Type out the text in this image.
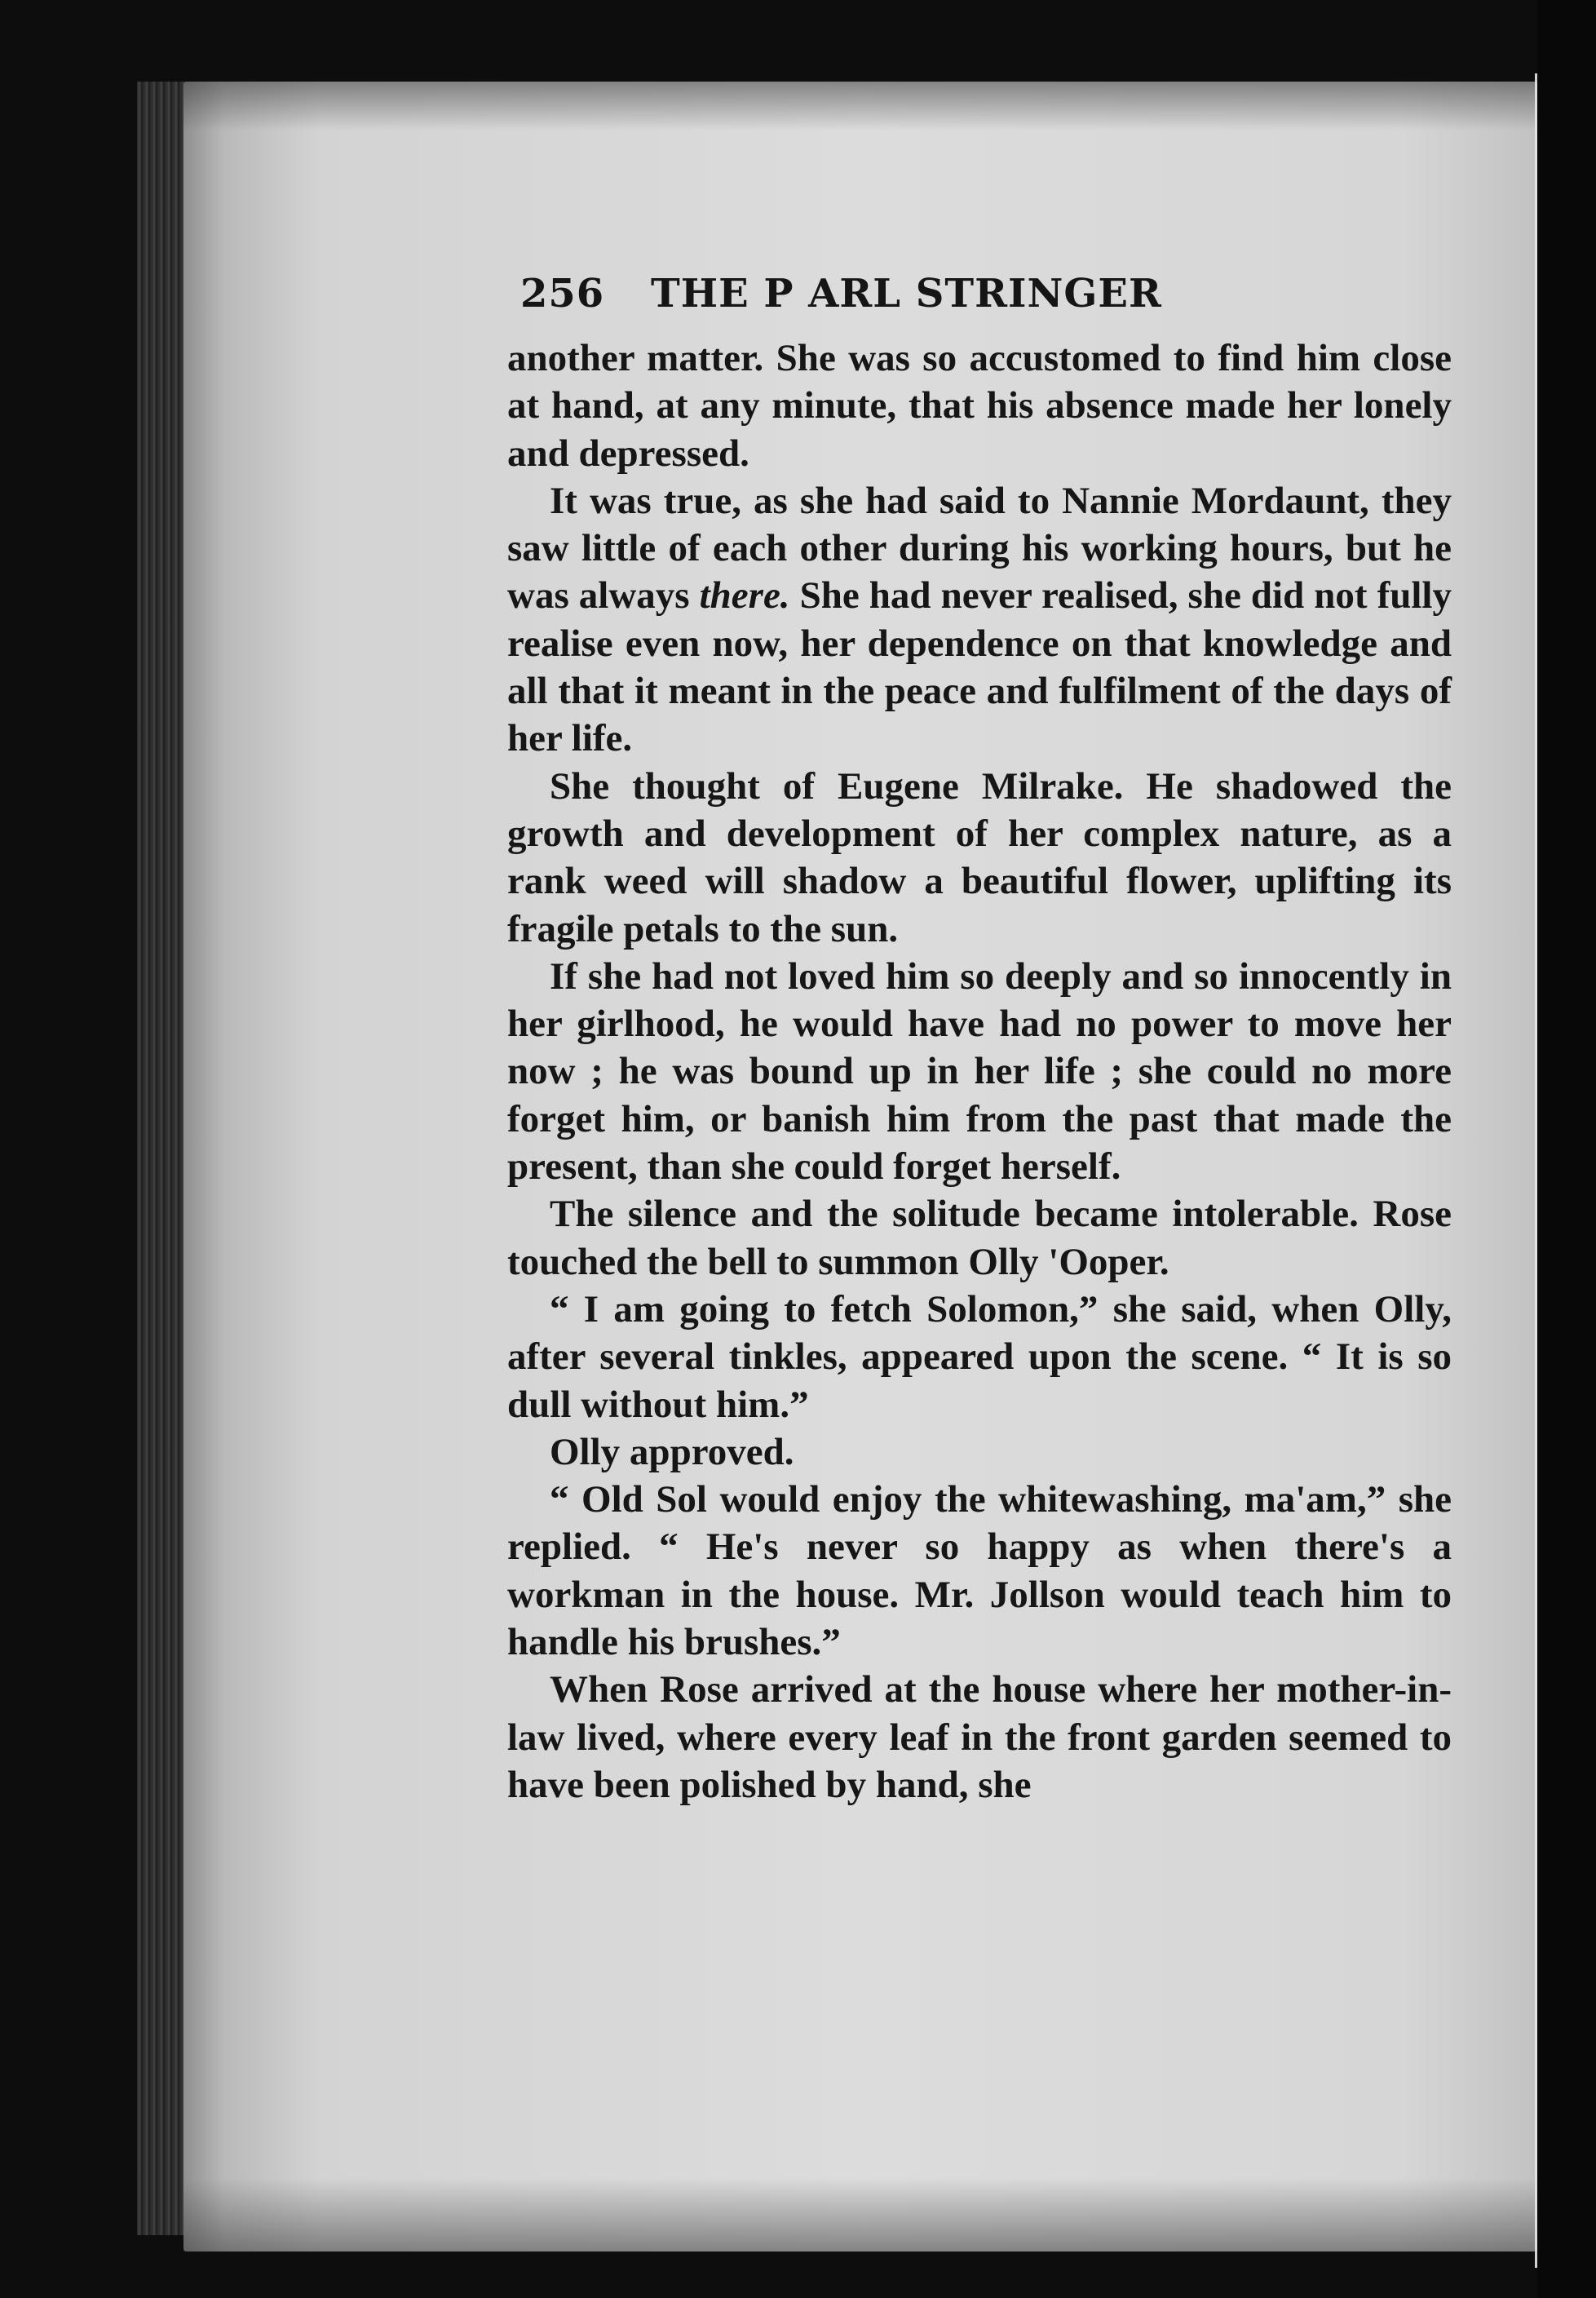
256 THE P ARL STRINGER

another matter. She was so accustomed to find him close at hand, at any minute, that his absence made her lonely and depressed.

It was true, as she had said to Nannie Mordaunt, they saw little of each other during his working hours, but he was always there. She had never realised, she did not fully realise even now, her dependence on that knowledge and all that it meant in the peace and fulfilment of the days of her life.

She thought of Eugene Milrake. He shadowed the growth and development of her complex nature, as a rank weed will shadow a beautiful flower, uplifting its fragile petals to the sun.

If she had not loved him so deeply and so innocently in her girlhood, he would have had no power to move her now ; he was bound up in her life ; she could no more forget him, or banish him from the past that made the present, than she could forget herself.

The silence and the solitude became intolerable. Rose touched the bell to summon Olly 'Ooper.

“ I am going to fetch Solomon,” she said, when Olly, after several tinkles, appeared upon the scene. “ It is so dull without him.”

Olly approved.

“ Old Sol would enjoy the whitewashing, ma'am,” she replied. “ He's never so happy as when there's a workman in the house. Mr. Jollson would teach him to handle his brushes.”

When Rose arrived at the house where her mother-in-law lived, where every leaf in the front garden seemed to have been polished by hand, she
